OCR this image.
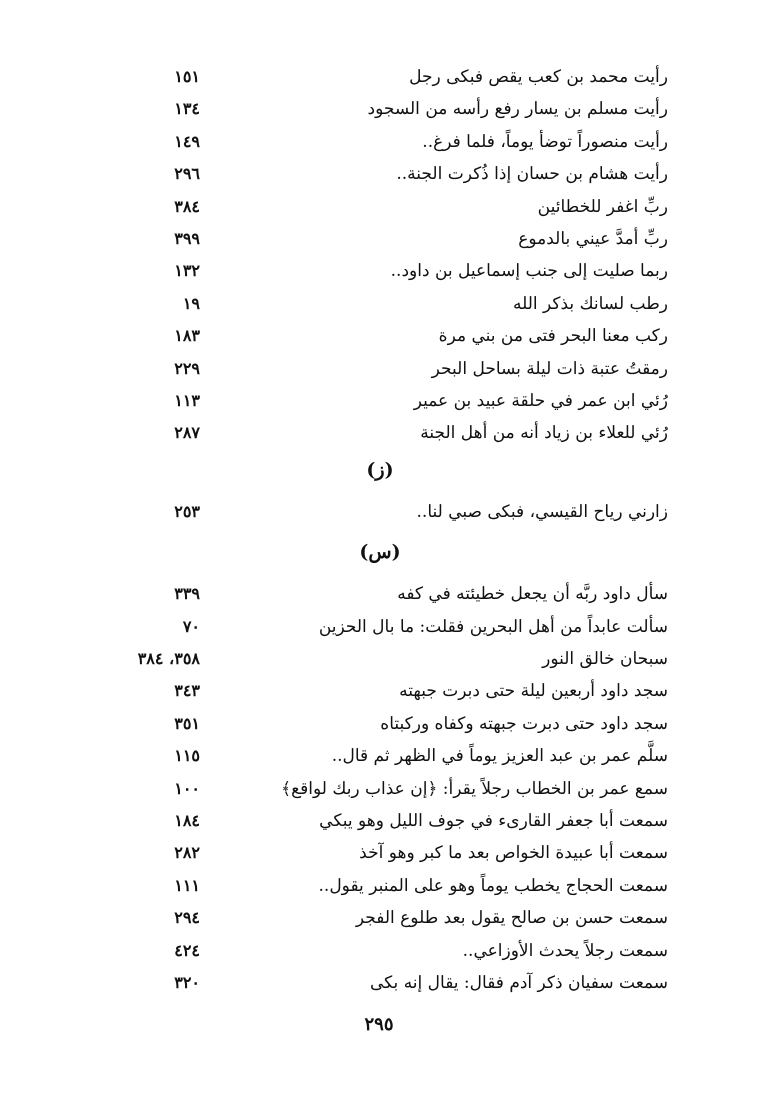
رأيت محمد بن كعب يقص فبكى رجل
١٥١
رأيت مسلم بن يسار رفع رأسه من السجود
١٣٤
رأيت منصوراً توضأ يوماً، فلما فرغ..
١٤٩
رأيت هشام بن حسان إذا ذُكرت الجنة..
٢٩٦
ربِّ اغفر للخطائين
٣٨٤
ربِّ أمدَّ عيني بالدموع
٣٩٩
ربما صليت إلى جنب إسماعيل بن داود..
١٣٢
رطب لسانك بذكر الله
١٩
ركب معنا البحر فتى من بني مرة
١٨٣
رمقتُ عتبة ذات ليلة بساحل البحر
٢٢٩
رُئي ابن عمر في حلقة عبيد بن عمير
١١٣
رُئي للعلاء بن زياد أنه من أهل الجنة
٢٨٧
(ز)
زارني رياح القيسي، فبكى صبي لنا..
٢٥٣
(س)
سأل داود ربَّه أن يجعل خطيئته في كفه
٣٣٩
سألت عابداً من أهل البحرين فقلت: ما بال الحزين
٧٠
سبحان خالق النور
٣٥٨، ٣٨٤
سجد داود أربعين ليلة حتى دبرت جبهته
٣٤٣
سجد داود حتى دبرت جبهته وكفاه وركبتاه
٣٥١
سلَّم عمر بن عبد العزيز يوماً في الظهر ثم قال..
١١٥
سمع عمر بن الخطاب رجلاً يقرأ: ﴿إن عذاب ربك لواقع﴾
١٠٠
سمعت أبا جعفر القارىء في جوف الليل وهو يبكي
١٨٤
سمعت أبا عبيدة الخواص بعد ما كبر وهو آخذ
٢٨٢
سمعت الحجاج يخطب يوماً وهو على المنبر يقول..
١١١
سمعت حسن بن صالح يقول بعد طلوع الفجر
٢٩٤
سمعت رجلاً يحدث الأوزاعي..
٤٢٤
سمعت سفيان ذكر آدم فقال: يقال إنه بكى
٣٢٠
٢٩٥
